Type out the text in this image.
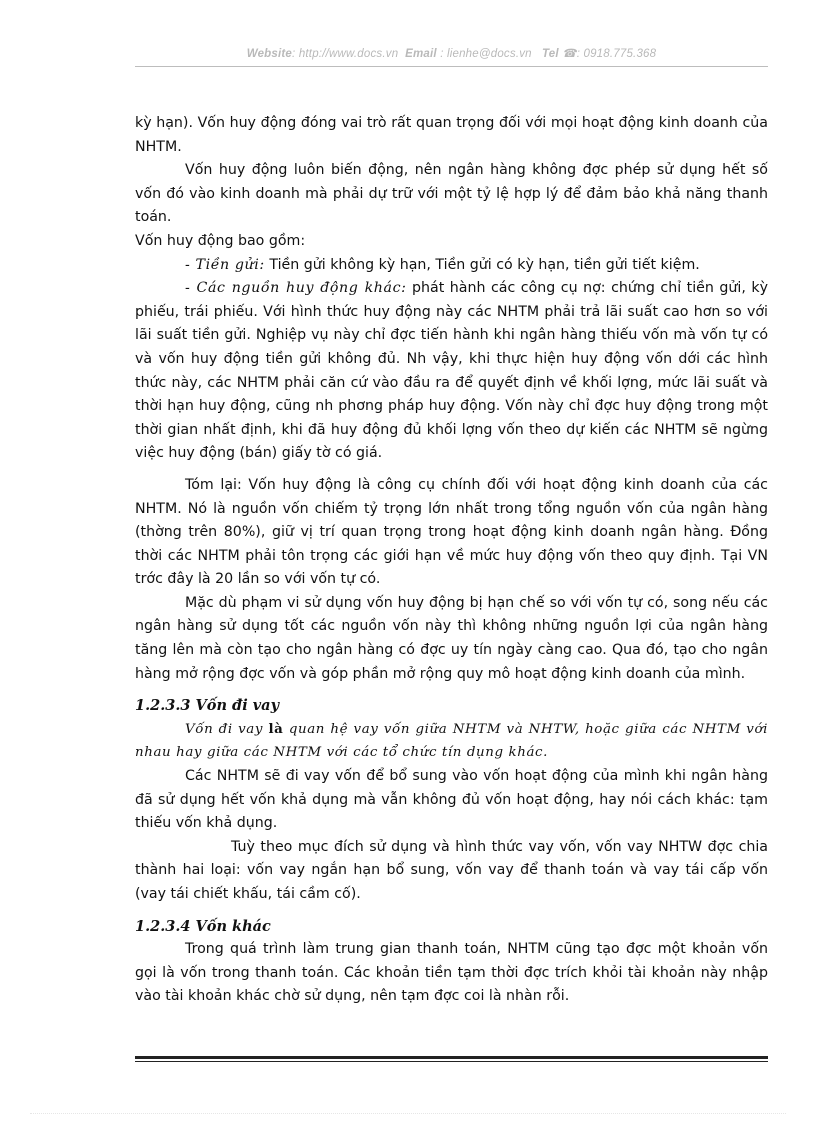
Website: http://www.docs.vn Email : lienhe@docs.vn Tel ☎: 0918.775.368

kỳ hạn). Vốn huy động đóng vai trò rất quan trọng đối với mọi hoạt động kinh doanh của NHTM.

Vốn huy động luôn biến động, nên ngân hàng không đợc phép sử dụng hết số vốn đó vào kinh doanh mà phải dự trữ với một tỷ lệ hợp lý để đảm bảo khả năng thanh toán.

Vốn huy động bao gồm:

- Tiền gửi: Tiền gửi không kỳ hạn, Tiền gửi có kỳ hạn, tiền gửi tiết kiệm.

- Các nguồn huy động khác: phát hành các công cụ nợ: chứng chỉ tiền gửi, kỳ phiếu, trái phiếu. Với hình thức huy động này các NHTM phải trả lãi suất cao hơn so với lãi suất tiền gửi. Nghiệp vụ này chỉ đợc tiến hành khi ngân hàng thiếu vốn mà vốn tự có và vốn huy động tiền gửi không đủ. Nh vậy, khi thực hiện huy động vốn dới các hình thức này, các NHTM phải căn cứ vào đầu ra để quyết định về khối lợng, mức lãi suất và thời hạn huy động, cũng nh phơng pháp huy động. Vốn này chỉ đợc huy động trong một thời gian nhất định, khi đã huy động đủ khối lợng vốn theo dự kiến các NHTM sẽ ngừng việc huy động (bán) giấy tờ có giá.

Tóm lại: Vốn huy động là công cụ chính đối với hoạt động kinh doanh của các NHTM. Nó là nguồn vốn chiếm tỷ trọng lớn nhất trong tổng nguồn vốn của ngân hàng (thờng trên 80%), giữ vị trí quan trọng trong hoạt động kinh doanh ngân hàng. Đồng thời các NHTM phải tôn trọng các giới hạn về mức huy động vốn theo quy định. Tại VN trớc đây là 20 lần so với vốn tự có.

Mặc dù phạm vi sử dụng vốn huy động bị hạn chế so với vốn tự có, song nếu các ngân hàng sử dụng tốt các nguồn vốn này thì không những nguồn lợi của ngân hàng tăng lên mà còn tạo cho ngân hàng có đợc uy tín ngày càng cao. Qua đó, tạo cho ngân hàng mở rộng đợc vốn và góp phần mở rộng quy mô hoạt động kinh doanh của mình.

1.2.3.3 Vốn đi vay

Vốn đi vay là quan hệ vay vốn giữa NHTM và NHTW, hoặc giữa các NHTM với nhau hay giữa các NHTM với các tổ chức tín dụng khác.

Các NHTM sẽ đi vay vốn để bổ sung vào vốn hoạt động của mình khi ngân hàng đã sử dụng hết vốn khả dụng mà vẫn không đủ vốn hoạt động, hay nói cách khác: tạm thiếu vốn khả dụng.

Tuỳ theo mục đích sử dụng và hình thức vay vốn, vốn vay NHTW đợc chia thành hai loại: vốn vay ngắn hạn bổ sung, vốn vay để thanh toán và vay tái cấp vốn (vay tái chiết khấu, tái cầm cố).

1.2.3.4 Vốn khác

Trong quá trình làm trung gian thanh toán, NHTM cũng tạo đợc một khoản vốn gọi là vốn trong thanh toán. Các khoản tiền tạm thời đợc trích khỏi tài khoản này nhập vào tài khoản khác chờ sử dụng, nên tạm đợc coi là nhàn rỗi.
